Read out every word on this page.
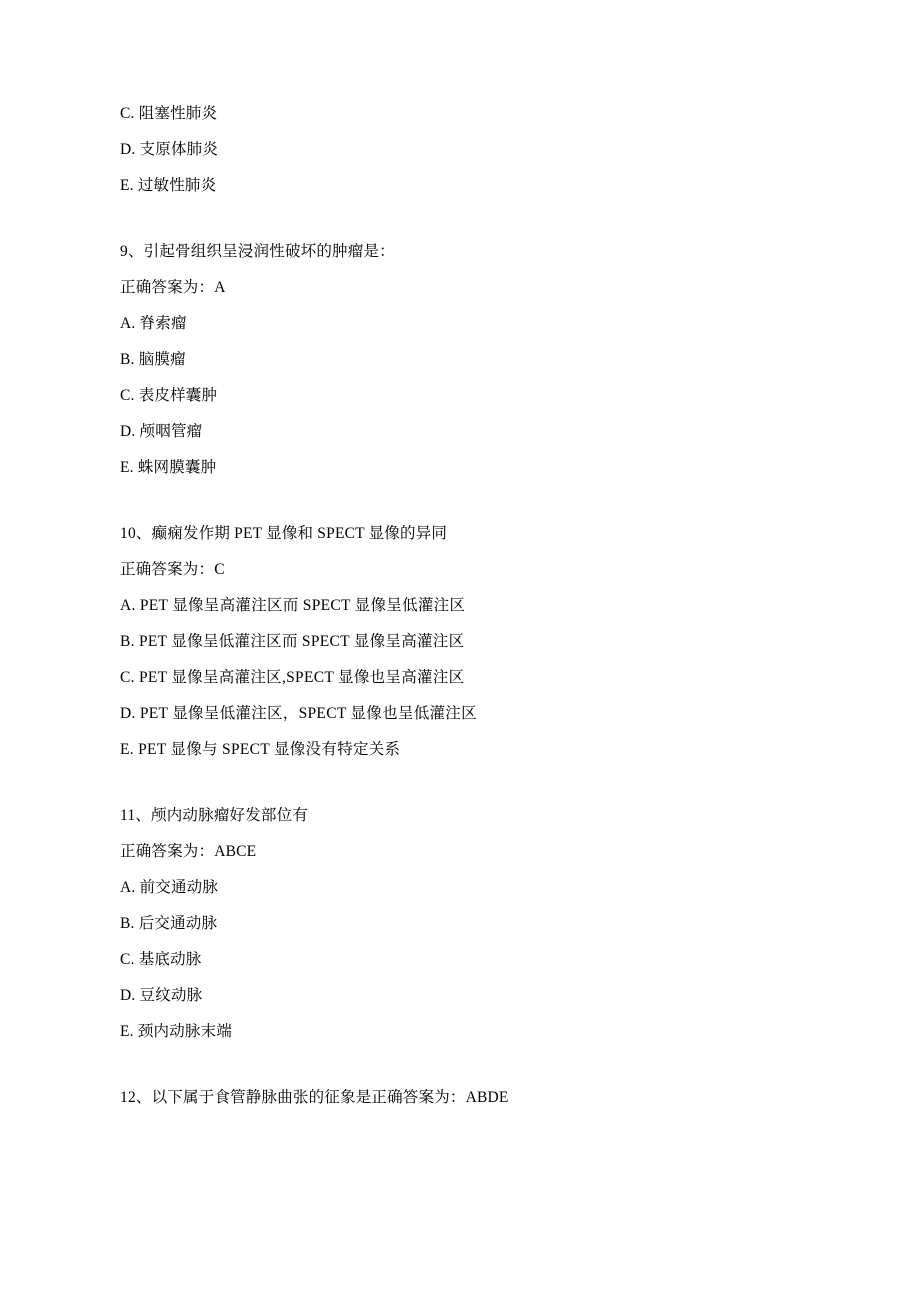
C. 阻塞性肺炎
D. 支原体肺炎
E. 过敏性肺炎
9、引起骨组织呈浸润性破坏的肿瘤是：
正确答案为：A
A. 脊索瘤
B. 脑膜瘤
C. 表皮样囊肿
D. 颅咽管瘤
E. 蛛网膜囊肿
10、癫痫发作期 PET 显像和 SPECT 显像的异同
正确答案为：C
A. PET 显像呈高灌注区而 SPECT 显像呈低灌注区
B. PET 显像呈低灌注区而 SPECT 显像呈高灌注区
C. PET 显像呈高灌注区,SPECT 显像也呈高灌注区
D. PET 显像呈低灌注区，SPECT 显像也呈低灌注区
E. PET 显像与 SPECT 显像没有特定关系
11、颅内动脉瘤好发部位有
正确答案为：ABCE
A. 前交通动脉
B. 后交通动脉
C. 基底动脉
D. 豆纹动脉
E. 颈内动脉末端
12、以下属于食管静脉曲张的征象是正确答案为：ABDE
